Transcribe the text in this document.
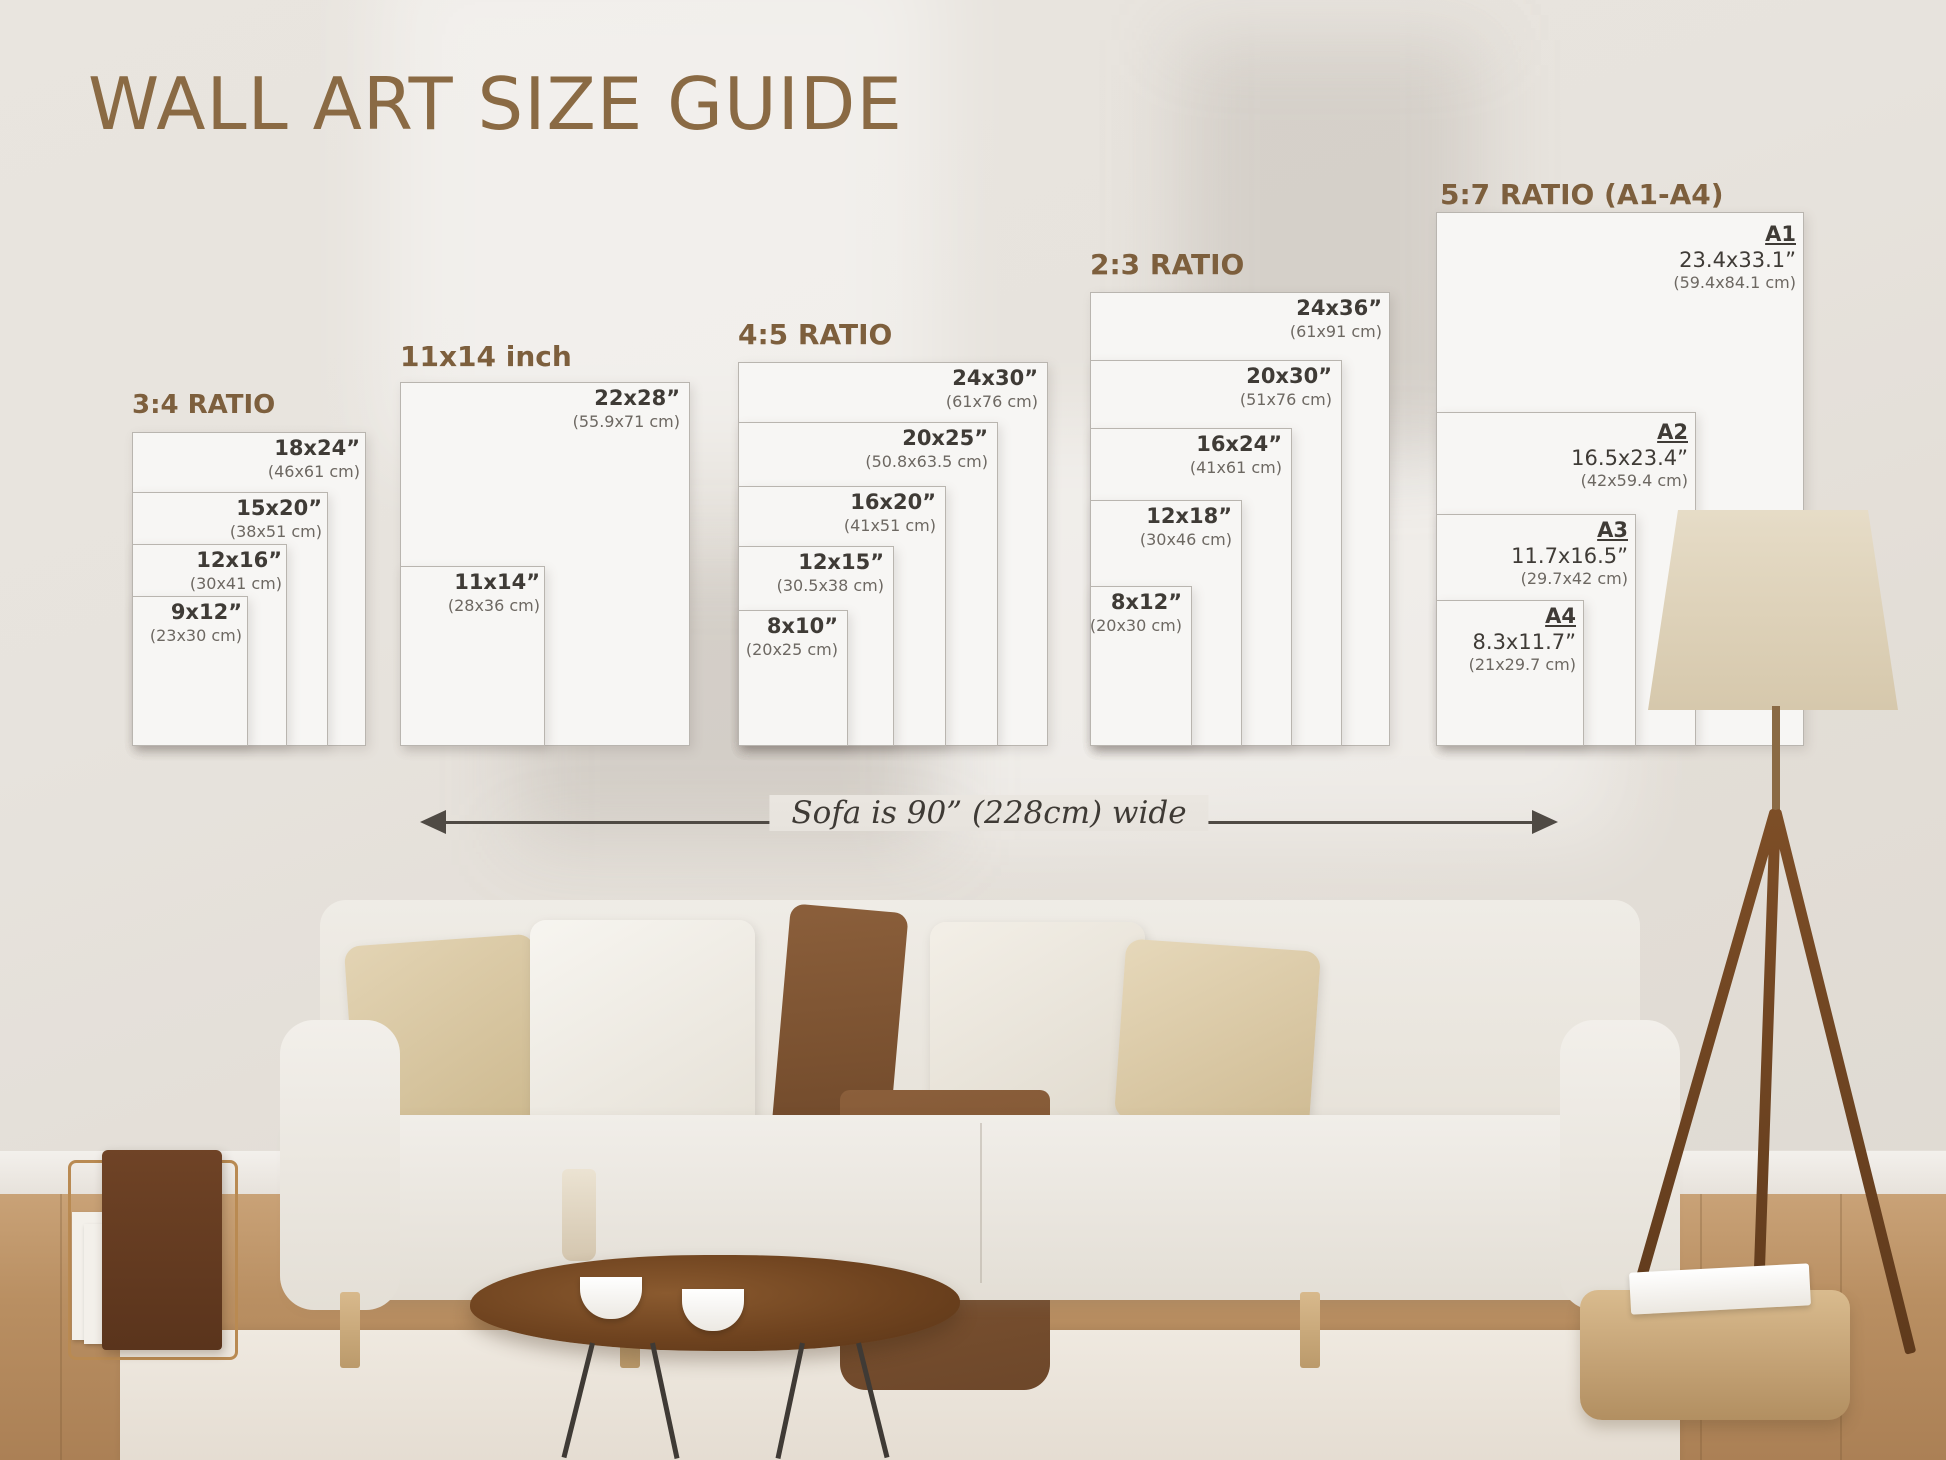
WALL ART SIZE GUIDE
3:4 RATIO
18x24”
(46x61 cm)
15x20”
(38x51 cm)
12x16”
(30x41 cm)
9x12”
(23x30 cm)
11x14 inch
22x28”
(55.9x71 cm)
11x14”
(28x36 cm)
4:5 RATIO
24x30”
(61x76 cm)
20x25”
(50.8x63.5 cm)
16x20”
(41x51 cm)
12x15”
(30.5x38 cm)
8x10”
(20x25 cm)
2:3 RATIO
24x36”
(61x91 cm)
20x30”
(51x76 cm)
16x24”
(41x61 cm)
12x18”
(30x46 cm)
8x12”
(20x30 cm)
5:7 RATIO (A1-A4)
A1
23.4x33.1”
(59.4x84.1 cm)
A2
16.5x23.4”
(42x59.4 cm)
A3
11.7x16.5”
(29.7x42 cm)
A4
8.3x11.7”
(21x29.7 cm)
Sofa is 90” (228cm) wide
